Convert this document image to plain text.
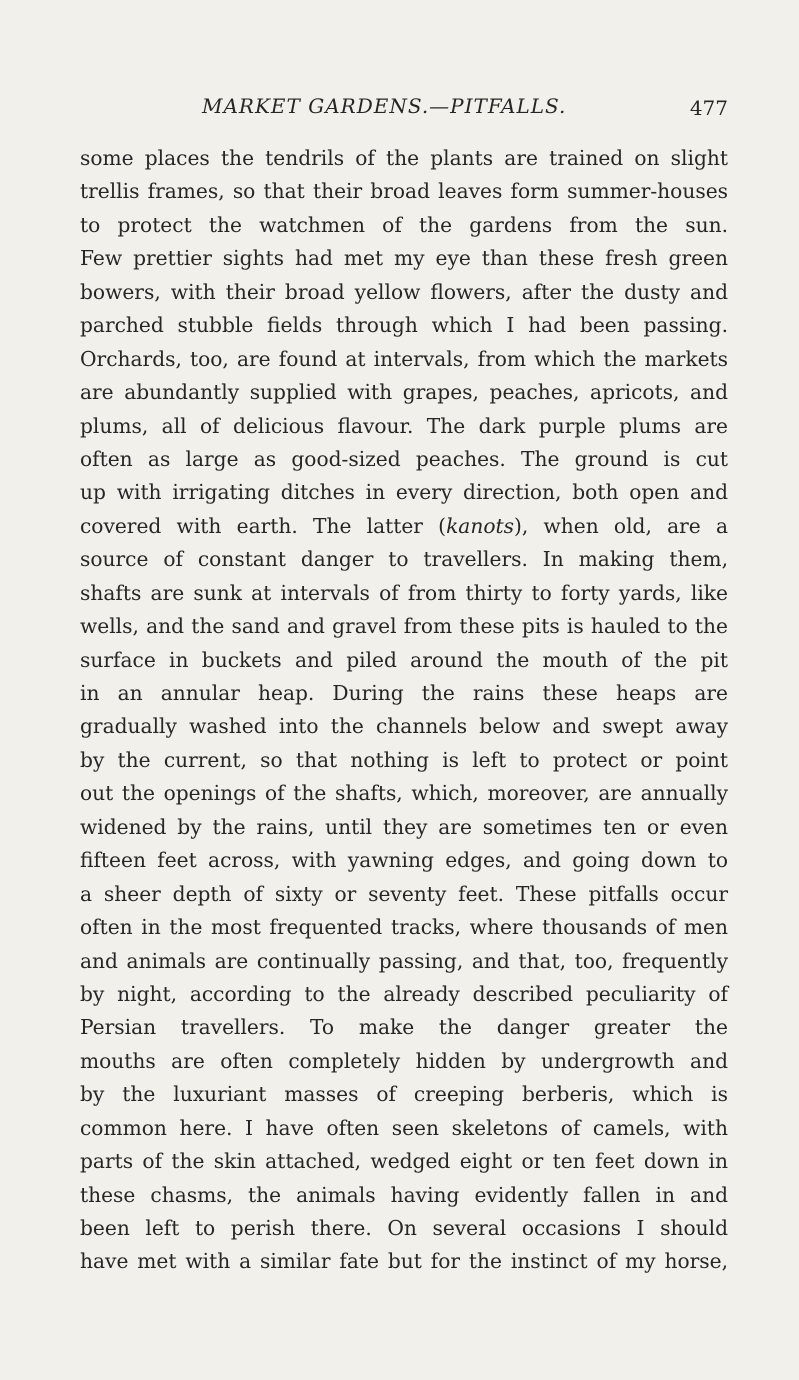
MARKET GARDENS.—PITFALLS.	477
some places the tendrils of the plants are trained on slight
trellis frames, so that their broad leaves form summer-houses
to protect the watchmen of the gardens from the sun.
Few prettier sights had met my eye than these fresh green
bowers, with their broad yellow flowers, after the dusty and
parched stubble fields through which I had been passing.
Orchards, too, are found at intervals, from which the markets
are abundantly supplied with grapes, peaches, apricots, and
plums, all of delicious flavour. The dark purple plums are
often as large as good-sized peaches. The ground is cut
up with irrigating ditches in every direction, both open and
covered with earth. The latter (kanots), when old, are a
source of constant danger to travellers. In making them,
shafts are sunk at intervals of from thirty to forty yards, like
wells, and the sand and gravel from these pits is hauled to the
surface in buckets and piled around the mouth of the pit
in an annular heap. During the rains these heaps are
gradually washed into the channels below and swept away
by the current, so that nothing is left to protect or point
out the openings of the shafts, which, moreover, are annually
widened by the rains, until they are sometimes ten or even
fifteen feet across, with yawning edges, and going down to
a sheer depth of sixty or seventy feet. These pitfalls occur
often in the most frequented tracks, where thousands of men
and animals are continually passing, and that, too, frequently
by night, according to the already described peculiarity of
Persian travellers. To make the danger greater the
mouths are often completely hidden by undergrowth and
by the luxuriant masses of creeping berberis, which is
common here. I have often seen skeletons of camels, with
parts of the skin attached, wedged eight or ten feet down in
these chasms, the animals having evidently fallen in and
been left to perish there. On several occasions I should
have met with a similar fate but for the instinct of my horse,
